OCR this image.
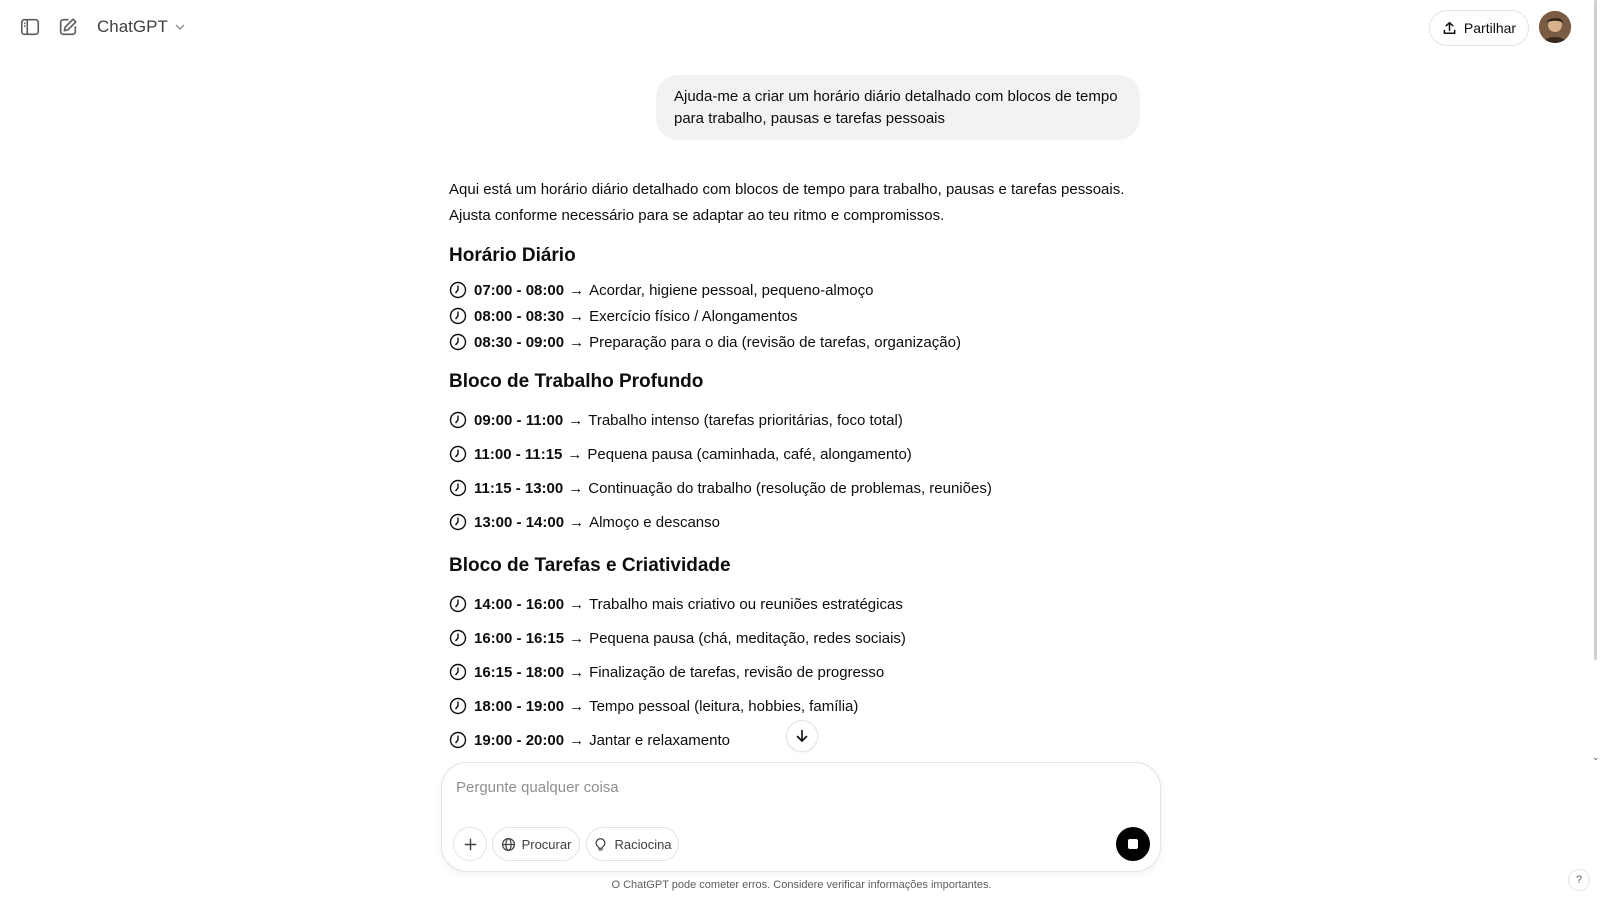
ChatGPT	Partilhar
⌄
Ajuda-me a criar um horário diário detalhado com blocos de tempo para trabalho, pausas e tarefas pessoais

Aqui está um horário diário detalhado com blocos de tempo para trabalho, pausas e tarefas pessoais.

Ajusta conforme necessário para se adaptar ao teu ritmo e compromissos.

Horário Diário
07:00 - 08:00 → Acordar, higiene pessoal, pequeno-almoço
08:00 - 08:30 → Exercício físico / Alongamentos
08:30 - 09:00 → Preparação para o dia (revisão de tarefas, organização)
Bloco de Trabalho Profundo
09:00 - 11:00 → Trabalho intenso (tarefas prioritárias, foco total)
11:00 - 11:15 → Pequena pausa (caminhada, café, alongamento)
11:15 - 13:00 → Continuação do trabalho (resolução de problemas, reuniões)
13:00 - 14:00 → Almoço e descanso
Bloco de Tarefas e Criatividade
14:00 - 16:00 → Trabalho mais criativo ou reuniões estratégicas
16:00 - 16:15 → Pequena pausa (chá, meditação, redes sociais)
16:15 - 18:00 → Finalização de tarefas, revisão de progresso
18:00 - 19:00 → Tempo pessoal (leitura, hobbies, família)
19:00 - 20:00 → Jantar e relaxamento
Pergunte qualquer coisa
Procurar	Raciocina
O ChatGPT pode cometer erros. Considere verificar informações importantes.	?
